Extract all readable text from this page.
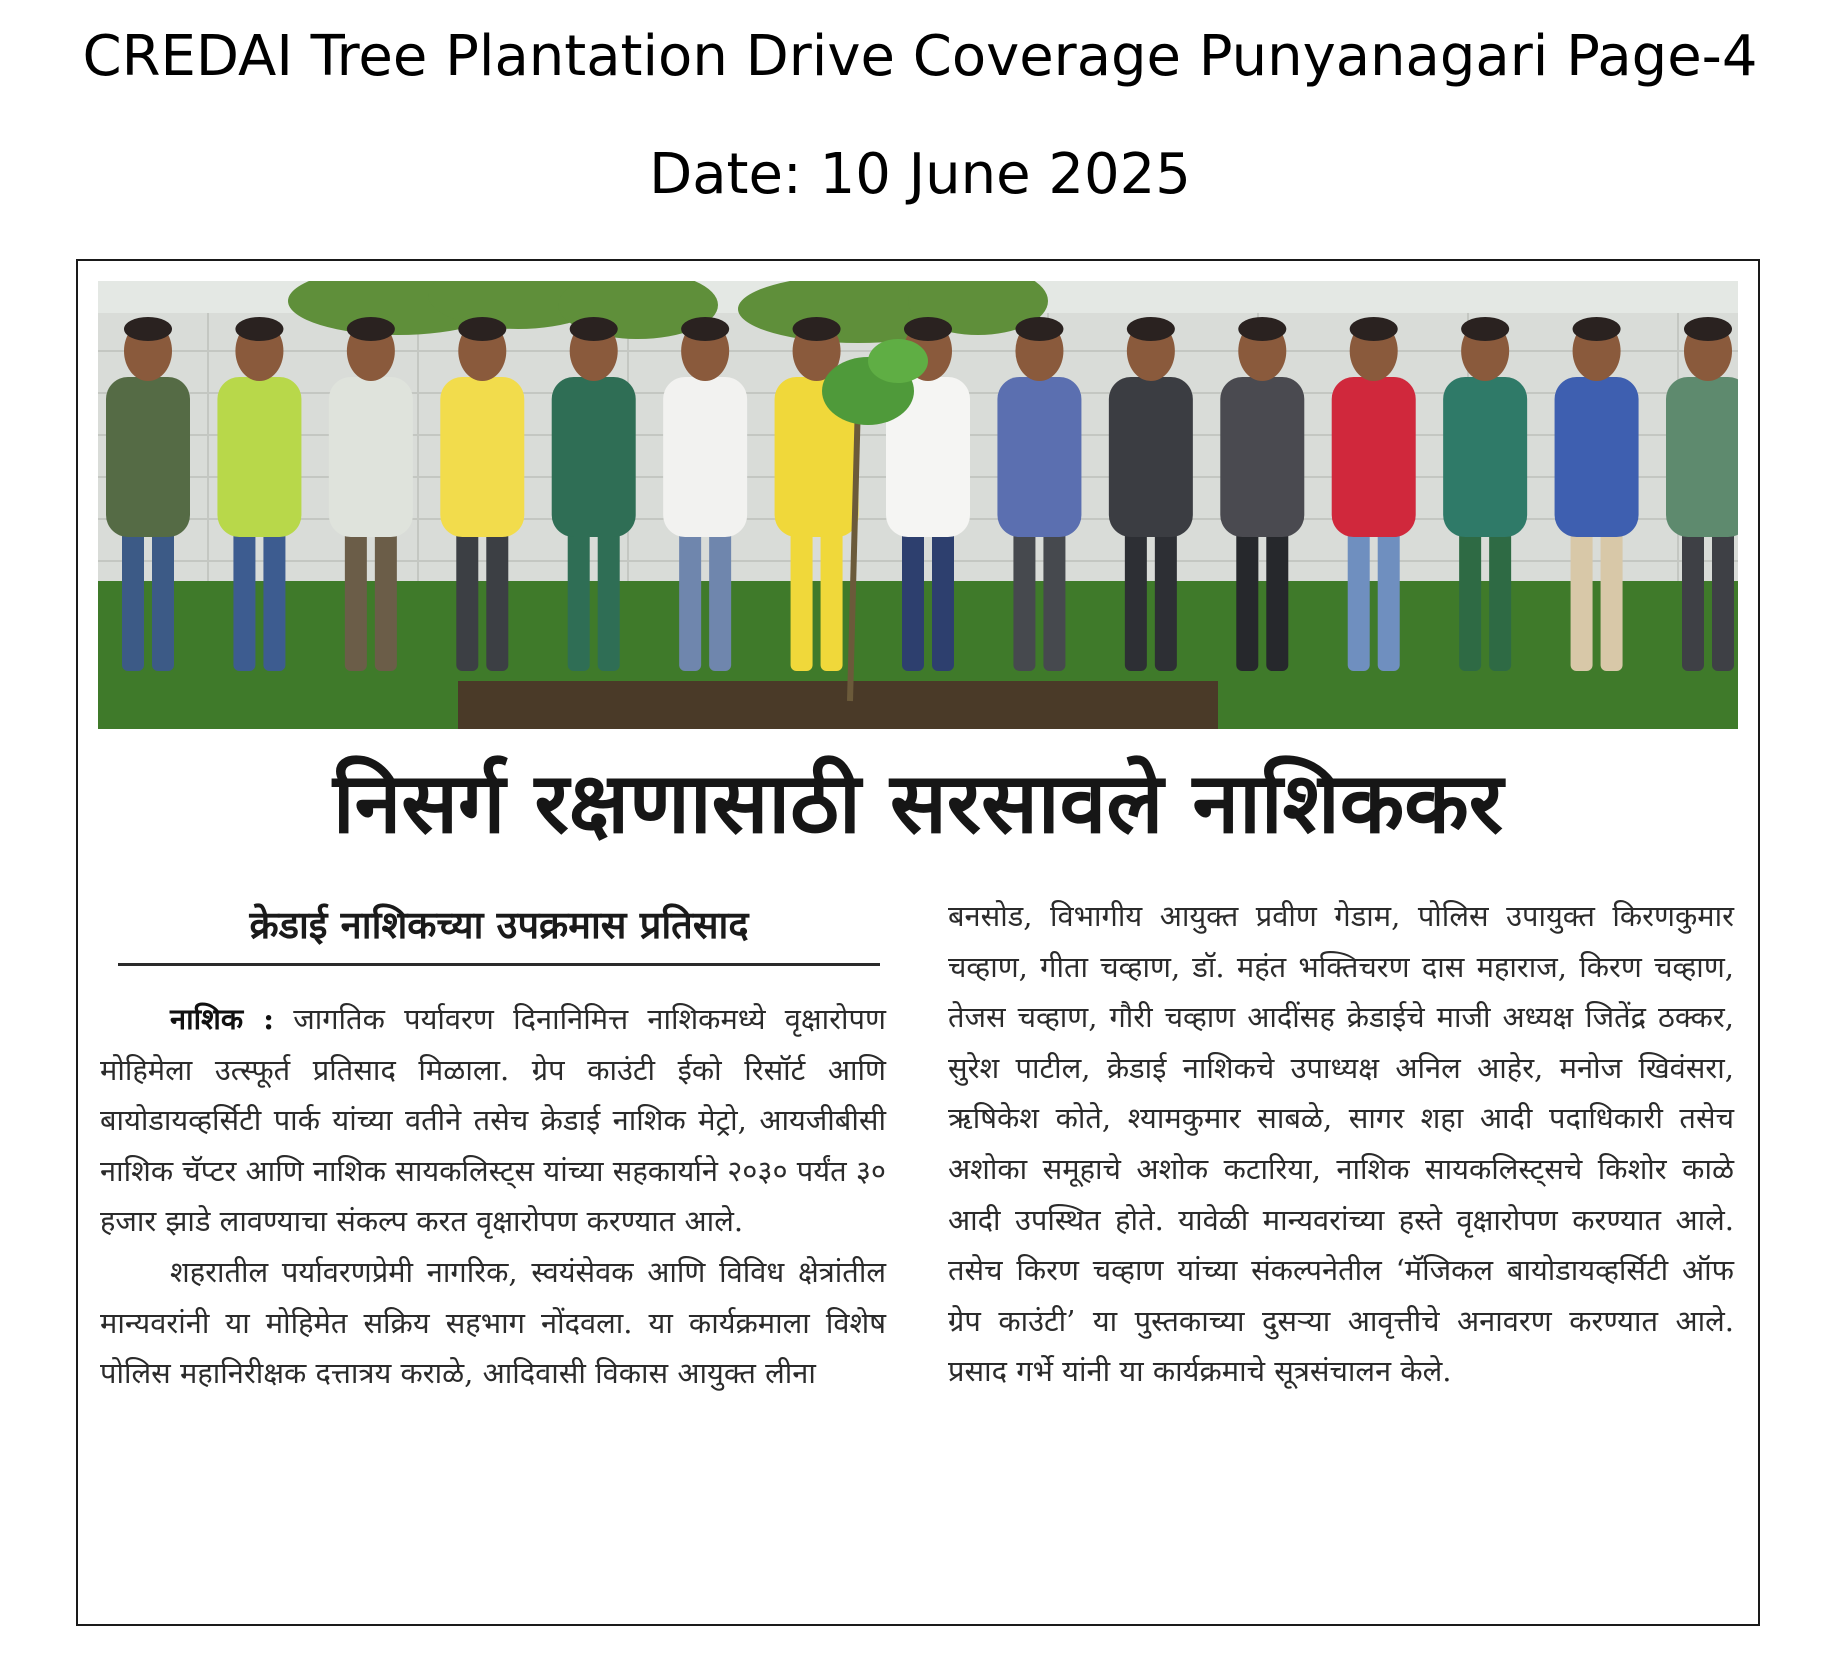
CREDAI Tree Plantation Drive Coverage Punyanagari Page-4
Date: 10 June 2025
निसर्ग रक्षणासाठी सरसावले नाशिककर
क्रेडाई नाशिकच्या उपक्रमास प्रतिसाद

नाशिक : जागतिक पर्यावरण दिनानिमित्त नाशिकमध्ये वृक्षारोपण मोहिमेला उत्स्फूर्त प्रतिसाद मिळाला. ग्रेप काउंटी ईको रिसॉर्ट आणि बायोडायव्हर्सिटी पार्क यांच्या वतीने तसेच क्रेडाई नाशिक मेट्रो, आयजीबीसी नाशिक चॅप्टर आणि नाशिक सायकलिस्ट्स यांच्या सहकार्याने २०३० पर्यंत ३० हजार झाडे लावण्याचा संकल्प करत वृक्षारोपण करण्यात आले.

शहरातील पर्यावरणप्रेमी नागरिक, स्वयंसेवक आणि विविध क्षेत्रांतील मान्यवरांनी या मोहिमेत सक्रिय सहभाग नोंदवला. या कार्यक्रमाला विशेष पोलिस महानिरीक्षक दत्तात्रय कराळे, आदिवासी विकास आयुक्त लीना

बनसोड, विभागीय आयुक्त प्रवीण गेडाम, पोलिस उपायुक्त किरणकुमार चव्हाण, गीता चव्हाण, डॉ. महंत भक्तिचरण दास महाराज, किरण चव्हाण, तेजस चव्हाण, गौरी चव्हाण आदींसह क्रेडाईचे माजी अध्यक्ष जितेंद्र ठक्कर, सुरेश पाटील, क्रेडाई नाशिकचे उपाध्यक्ष अनिल आहेर, मनोज खिवंसरा, ऋषिकेश कोते, श्यामकुमार साबळे, सागर शहा आदी पदाधिकारी तसेच अशोका समूहाचे अशोक कटारिया, नाशिक सायकलिस्ट्सचे किशोर काळे आदी उपस्थित होते. यावेळी मान्यवरांच्या हस्ते वृक्षारोपण करण्यात आले. तसेच किरण चव्हाण यांच्या संकल्पनेतील ‘मॅजिकल बायोडायव्हर्सिटी ऑफ ग्रेप काउंटी’ या पुस्तकाच्या दुसऱ्या आवृत्तीचे अनावरण करण्यात आले. प्रसाद गर्भे यांनी या कार्यक्रमाचे सूत्रसंचालन केले.
